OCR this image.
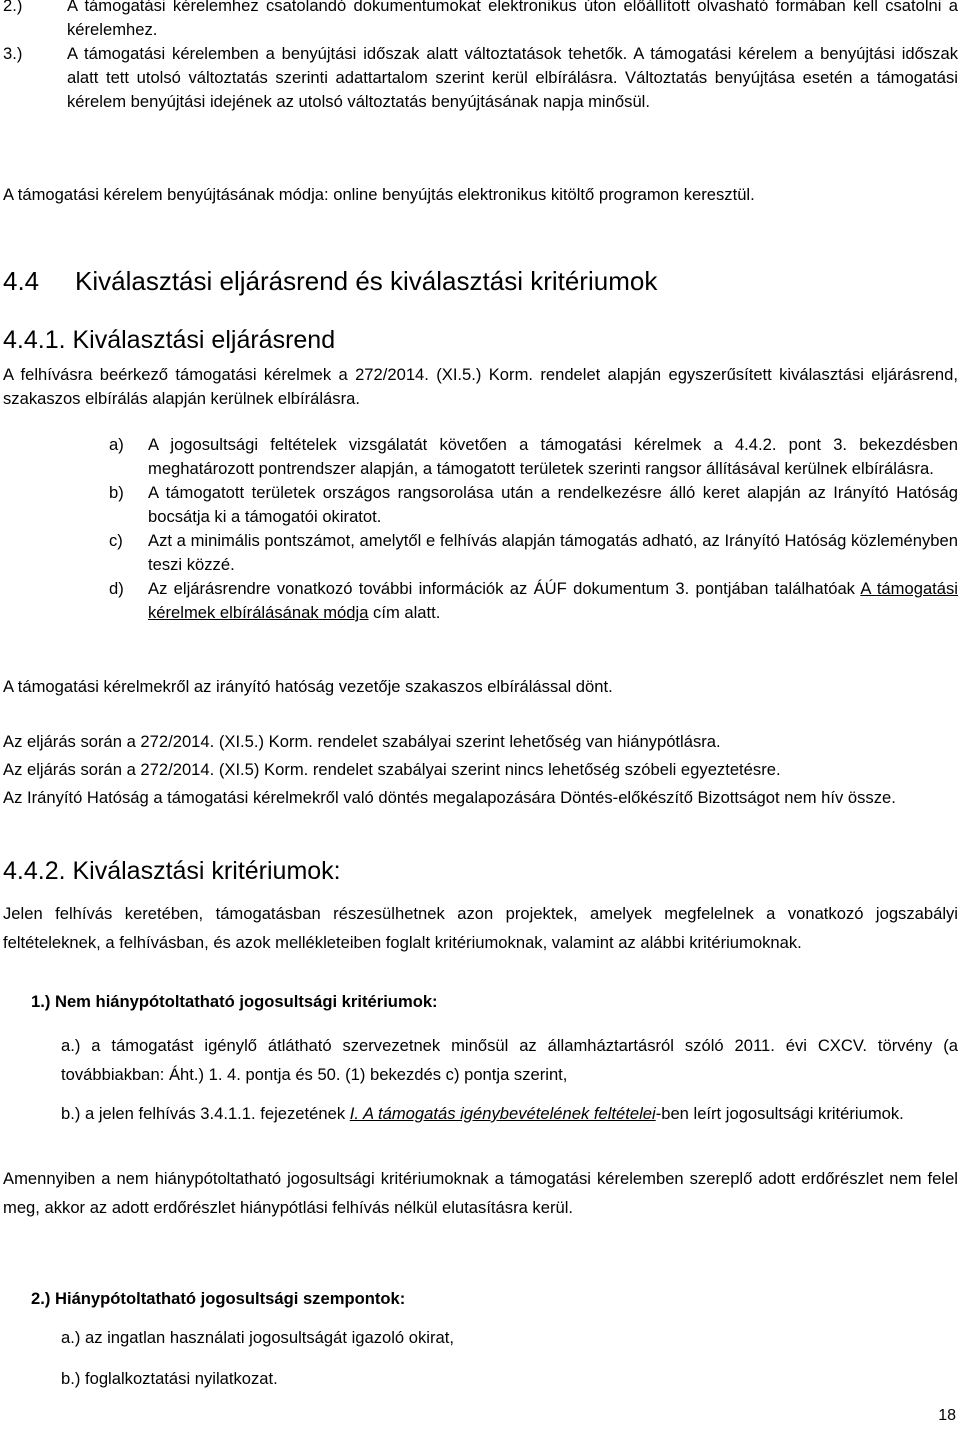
2.)	A támogatási kérelemhez csatolandó dokumentumokat elektronikus úton előállított olvasható formában kell csatolni a kérelemhez.
3.)	A támogatási kérelemben a benyújtási időszak alatt változtatások tehetők. A támogatási kérelem a benyújtási időszak alatt tett utolsó változtatás szerinti adattartalom szerint kerül elbírálásra. Változtatás benyújtása esetén a támogatási kérelem benyújtási idejének az utolsó változtatás benyújtásának napja minősül.
A támogatási kérelem benyújtásának módja: online benyújtás elektronikus kitöltő programon keresztül.
4.4 Kiválasztási eljárásrend és kiválasztási kritériumok
4.4.1. Kiválasztási eljárásrend
A felhívásra beérkező támogatási kérelmek a 272/2014. (XI.5.) Korm. rendelet alapján egyszerűsített kiválasztási eljárásrend, szakaszos elbírálás alapján kerülnek elbírálásra.
a) A jogosultsági feltételek vizsgálatát követően a támogatási kérelmek a 4.4.2. pont 3. bekezdésben meghatározott pontrendszer alapján, a támogatott területek szerinti rangsor állításával kerülnek elbírálásra.
b) A támogatott területek országos rangsorolása után a rendelkezésre álló keret alapján az Irányító Hatóság bocsátja ki a támogatói okiratot.
c) Azt a minimális pontszámot, amelytől e felhívás alapján támogatás adható, az Irányító Hatóság közleményben teszi közzé.
d) Az eljárásrendre vonatkozó további információk az ÁÚF dokumentum 3. pontjában találhatóak A támogatási kérelmek elbírálásának módja cím alatt.
A támogatási kérelmekről az irányító hatóság vezetője szakaszos elbírálással dönt.
Az eljárás során a 272/2014. (XI.5.) Korm. rendelet szabályai szerint lehetőség van hiánypótlásra.
Az eljárás során a 272/2014. (XI.5) Korm. rendelet szabályai szerint nincs lehetőség szóbeli egyeztetésre.
Az Irányító Hatóság a támogatási kérelmekről való döntés megalapozására Döntés-előkészítő Bizottságot nem hív össze.
4.4.2. Kiválasztási kritériumok:
Jelen felhívás keretében, támogatásban részesülhetnek azon projektek, amelyek megfelelnek a vonatkozó jogszabályi feltételeknek, a felhívásban, és azok mellékleteiben foglalt kritériumoknak, valamint az alábbi kritériumoknak.
1.) Nem hiánypótoltatható jogosultsági kritériumok:
a.) a támogatást igénylő átlátható szervezetnek minősül az államháztartásról szóló 2011. évi CXCV. törvény (a továbbiakban: Áht.) 1. 4. pontja és 50. (1) bekezdés c) pontja szerint,
b.) a jelen felhívás 3.4.1.1. fejezetének I. A támogatás igénybevételének feltételei-ben leírt jogosultsági kritériumok.
Amennyiben a nem hiánypótoltatható jogosultsági kritériumoknak a támogatási kérelemben szereplő adott erdőrészlet nem felel meg, akkor az adott erdőrészlet hiánypótlási felhívás nélkül elutasításra kerül.
2.) Hiánypótoltatható jogosultsági szempontok:
a.) az ingatlan használati jogosultságát igazoló okirat,
b.) foglalkoztatási nyilatkozat.
18
